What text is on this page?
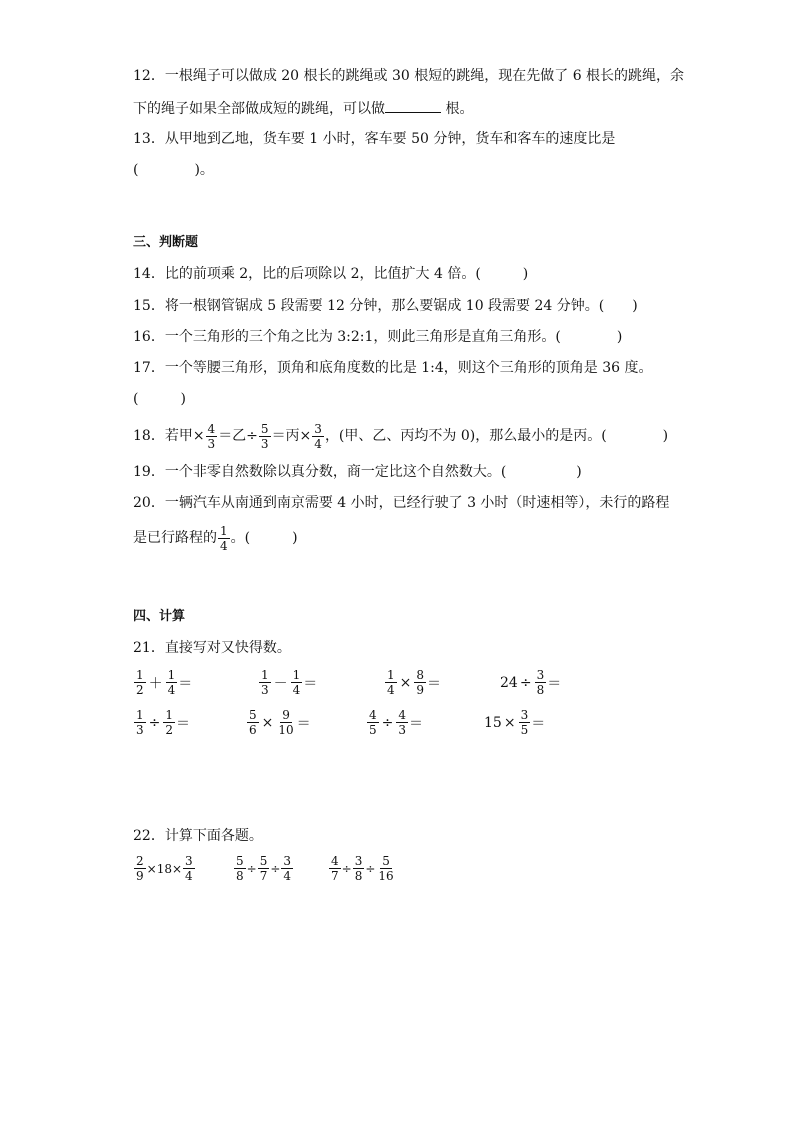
12．一根绳子可以做成 20 根长的跳绳或 30 根短的跳绳，现在先做了 6 根长的跳绳，余
下的绳子如果全部做成短的跳绳，可以做	根。
13．从甲地到乙地，货车要 1 小时，客车要 50 分钟，货车和客车的速度比是
(　　　　)。
三、判断题
14．比的前项乘 2，比的后项除以 2，比值扩大 4 倍。(　　　)
15．将一根钢管锯成 5 段需要 12 分钟，那么要锯成 10 段需要 24 分钟。(　　)
16．一个三角形的三个角之比为 3:2:1，则此三角形是直角三角形。(　　　　)
17．一个等腰三角形，顶角和底角度数的比是 1:4，则这个三角形的顶角是 36 度。
(　　　)
18．若甲× $\frac{4}{3}$ ＝乙÷ $\frac{5}{3}$ ＝丙× $\frac{3}{4}$ ，(甲、乙、丙均不为 0)，那么最小的是丙。(　　　　)
19．一个非零自然数除以真分数，商一定比这个自然数大。(　　　　　)
20．一辆汽车从南通到南京需要 4 小时，已经行驶了 3 小时（时速相等），未行的路程
是已行路程的 $\frac{1}{4}$ 。(　　　)
四、计算
21．直接写对又快得数。
$\frac{1}{2} + \frac{1}{4}$ ＝	$\frac{1}{3} - \frac{1}{4}$ ＝	$\frac{1}{4} \times \frac{8}{9}$ ＝	$24 \div \frac{3}{8}$ ＝
$\frac{1}{3} \div \frac{1}{2}$ ＝	$\frac{5}{6} \times \frac{9}{10}$ ＝	$\frac{4}{5} \div \frac{4}{3}$ ＝	$15 \times \frac{3}{5}$ ＝
22．计算下面各题。
$\frac{2}{9} \times 18\times \frac{3}{4}$	$\frac{5}{8} \div \frac{5}{7} \div \frac{3}{4}$	$\frac{4}{7} \div \frac{3}{8} \div \frac{5}{16}$
